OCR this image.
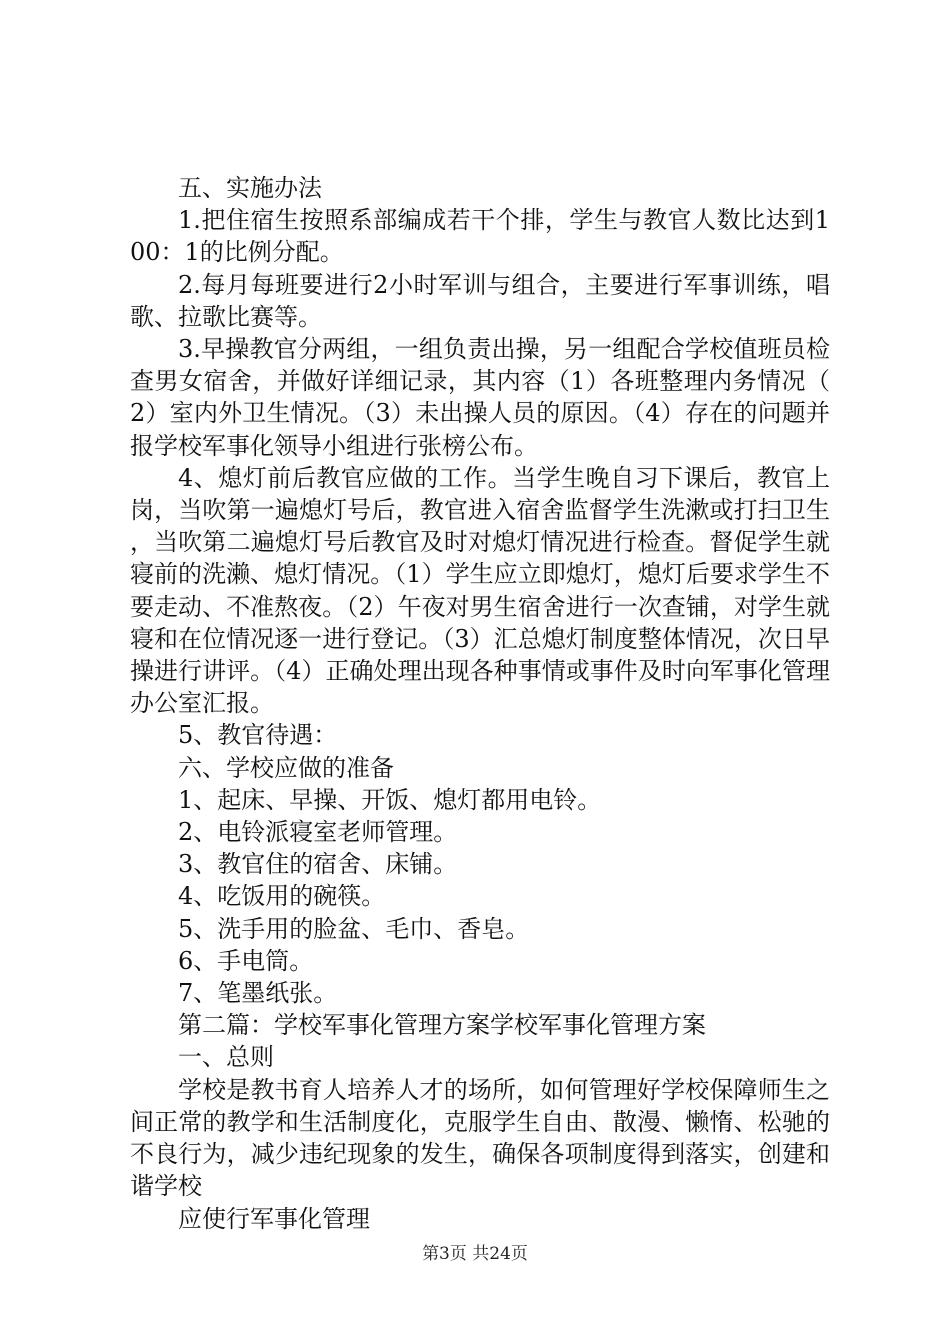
五、实施办法

1.把住宿生按照系部编成若干个排，学生与教官人数比达到100：1的比例分配。

2.每月每班要进行2小时军训与组合，主要进行军事训练，唱歌、拉歌比赛等。

3.早操教官分两组，一组负责出操，另一组配合学校值班员检查男女宿舍，并做好详细记录，其内容（1）各班整理内务情况（2）室内外卫生情况。（3）未出操人员的原因。（4）存在的问题并报学校军事化领导小组进行张榜公布。

4、熄灯前后教官应做的工作。当学生晚自习下课后，教官上岗，当吹第一遍熄灯号后，教官进入宿舍监督学生洗漱或打扫卫生，当吹第二遍熄灯号后教官及时对熄灯情况进行检查。督促学生就寝前的洗濑、熄灯情况。（1）学生应立即熄灯，熄灯后要求学生不要走动、不准熬夜。（2）午夜对男生宿舍进行一次查铺，对学生就寝和在位情况逐一进行登记。（3）汇总熄灯制度整体情况，次日早操进行讲评。（4）正确处理出现各种事情或事件及时向军事化管理办公室汇报。

5、教官待遇：

六、学校应做的准备

1、起床、早操、开饭、熄灯都用电铃。

2、电铃派寝室老师管理。

3、教官住的宿舍、床铺。

4、吃饭用的碗筷。

5、洗手用的脸盆、毛巾、香皂。

6、手电筒。

7、笔墨纸张。

第二篇：学校军事化管理方案学校军事化管理方案

一、总则

学校是教书育人培养人才的场所，如何管理好学校保障师生之间正常的教学和生活制度化，克服学生自由、散漫、懒惰、松驰的不良行为，减少违纪现象的发生，确保各项制度得到落实，创建和谐学校

应使行军事化管理

第3页 共24页
